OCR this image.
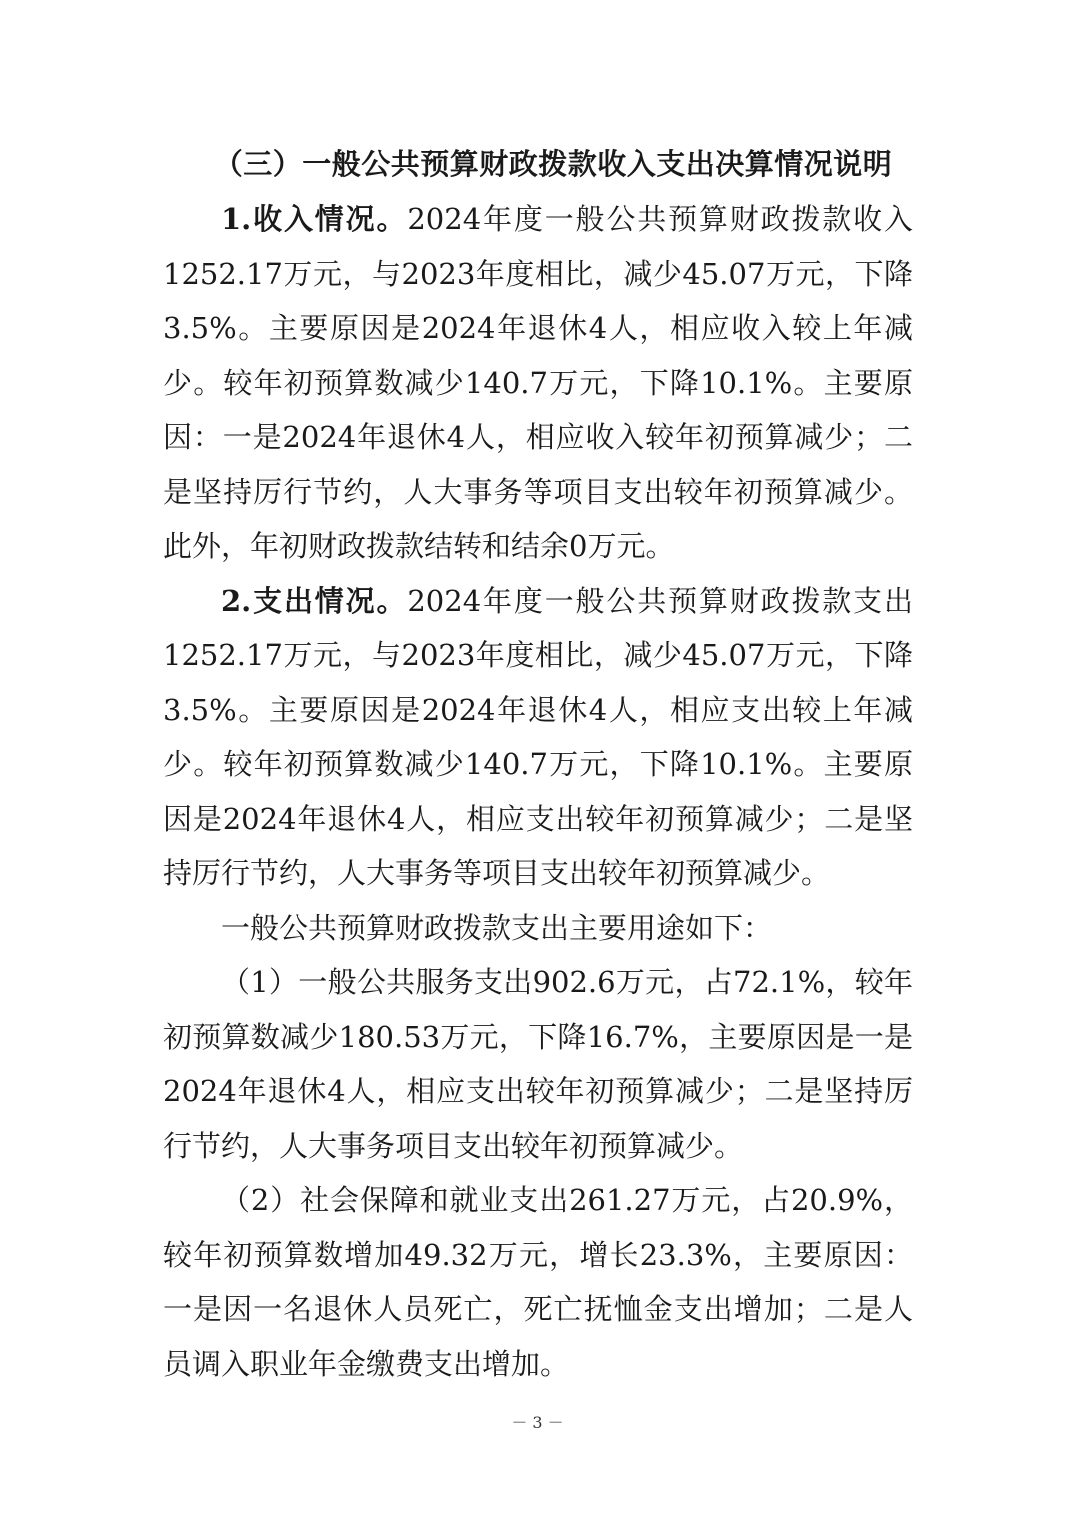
（三）一般公共预算财政拨款收入支出决算情况说明

1.收入情况。2024年度一般公共预算财政拨款收入1252.17万元，与2023年度相比，减少45.07万元，下降3.5%。主要原因是2024年退休4人，相应收入较上年减少。较年初预算数减少140.7万元，下降10.1%。主要原因：一是2024年退休4人，相应收入较年初预算减少；二是坚持厉行节约，人大事务等项目支出较年初预算减少。此外，年初财政拨款结转和结余0万元。

2.支出情况。2024年度一般公共预算财政拨款支出1252.17万元，与2023年度相比，减少45.07万元，下降3.5%。主要原因是2024年退休4人，相应支出较上年减少。较年初预算数减少140.7万元，下降10.1%。主要原因是2024年退休4人，相应支出较年初预算减少；二是坚持厉行节约，人大事务等项目支出较年初预算减少。

一般公共预算财政拨款支出主要用途如下：

（1）一般公共服务支出902.6万元，占72.1%，较年初预算数减少180.53万元，下降16.7%，主要原因是一是2024年退休4人，相应支出较年初预算减少；二是坚持厉行节约，人大事务项目支出较年初预算减少。

（2）社会保障和就业支出261.27万元，占20.9%，较年初预算数增加49.32万元，增长23.3%，主要原因：一是因一名退休人员死亡，死亡抚恤金支出增加；二是人员调入职业年金缴费支出增加。

－ 3 －
